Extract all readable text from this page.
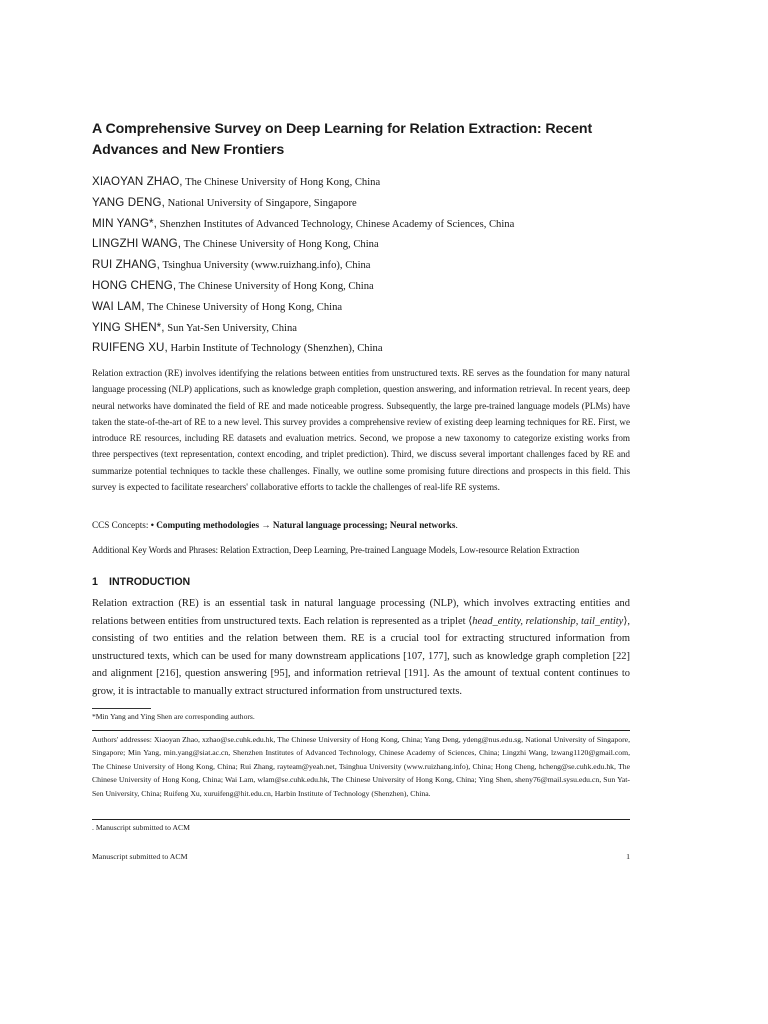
A Comprehensive Survey on Deep Learning for Relation Extraction: Recent Advances and New Frontiers
XIAOYAN ZHAO, The Chinese University of Hong Kong, China
YANG DENG, National University of Singapore, Singapore
MIN YANG*, Shenzhen Institutes of Advanced Technology, Chinese Academy of Sciences, China
LINGZHI WANG, The Chinese University of Hong Kong, China
RUI ZHANG, Tsinghua University (www.ruizhang.info), China
HONG CHENG, The Chinese University of Hong Kong, China
WAI LAM, The Chinese University of Hong Kong, China
YING SHEN*, Sun Yat-Sen University, China
RUIFENG XU, Harbin Institute of Technology (Shenzhen), China

Relation extraction (RE) involves identifying the relations between entities from unstructured texts. RE serves as the foundation for many natural language processing (NLP) applications, such as knowledge graph completion, question answering, and information retrieval. In recent years, deep neural networks have dominated the field of RE and made noticeable progress. Subsequently, the large pre-trained language models (PLMs) have taken the state-of-the-art of RE to a new level. This survey provides a comprehensive review of existing deep learning techniques for RE. First, we introduce RE resources, including RE datasets and evaluation metrics. Second, we propose a new taxonomy to categorize existing works from three perspectives (text representation, context encoding, and triplet prediction). Third, we discuss several important challenges faced by RE and summarize potential techniques to tackle these challenges. Finally, we outline some promising future directions and prospects in this field. This survey is expected to facilitate researchers' collaborative efforts to tackle the challenges of real-life RE systems.

CCS Concepts: • Computing methodologies → Natural language processing; Neural networks.

Additional Key Words and Phrases: Relation Extraction, Deep Learning, Pre-trained Language Models, Low-resource Relation Extraction

1 INTRODUCTION

Relation extraction (RE) is an essential task in natural language processing (NLP), which involves extracting entities and relations between entities from unstructured texts. Each relation is represented as a triplet ⟨head_entity, relationship, tail_entity⟩, consisting of two entities and the relation between them. RE is a crucial tool for extracting structured information from unstructured texts, which can be used for many downstream applications [107, 177], such as knowledge graph completion [22] and alignment [216], question answering [95], and information retrieval [191]. As the amount of textual content continues to grow, it is intractable to manually extract structured information from unstructured texts.

*Min Yang and Ying Shen are corresponding authors.

Authors' addresses: Xiaoyan Zhao, xzhao@se.cuhk.edu.hk, The Chinese University of Hong Kong, China; Yang Deng, ydeng@nus.edu.sg, National University of Singapore, Singapore; Min Yang, min.yang@siat.ac.cn, Shenzhen Institutes of Advanced Technology, Chinese Academy of Sciences, China; Lingzhi Wang, lzwang1120@gmail.com, The Chinese University of Hong Kong, China; Rui Zhang, rayteam@yeah.net, Tsinghua University (www.ruizhang.info), China; Hong Cheng, hcheng@se.cuhk.edu.hk, The Chinese University of Hong Kong, China; Wai Lam, wlam@se.cuhk.edu.hk, The Chinese University of Hong Kong, China; Ying Shen, sheny76@mail.sysu.edu.cn, Sun Yat-Sen University, China; Ruifeng Xu, xuruifeng@hit.edu.cn, Harbin Institute of Technology (Shenzhen), China.

. Manuscript submitted to ACM

Manuscript submitted to ACM	1
